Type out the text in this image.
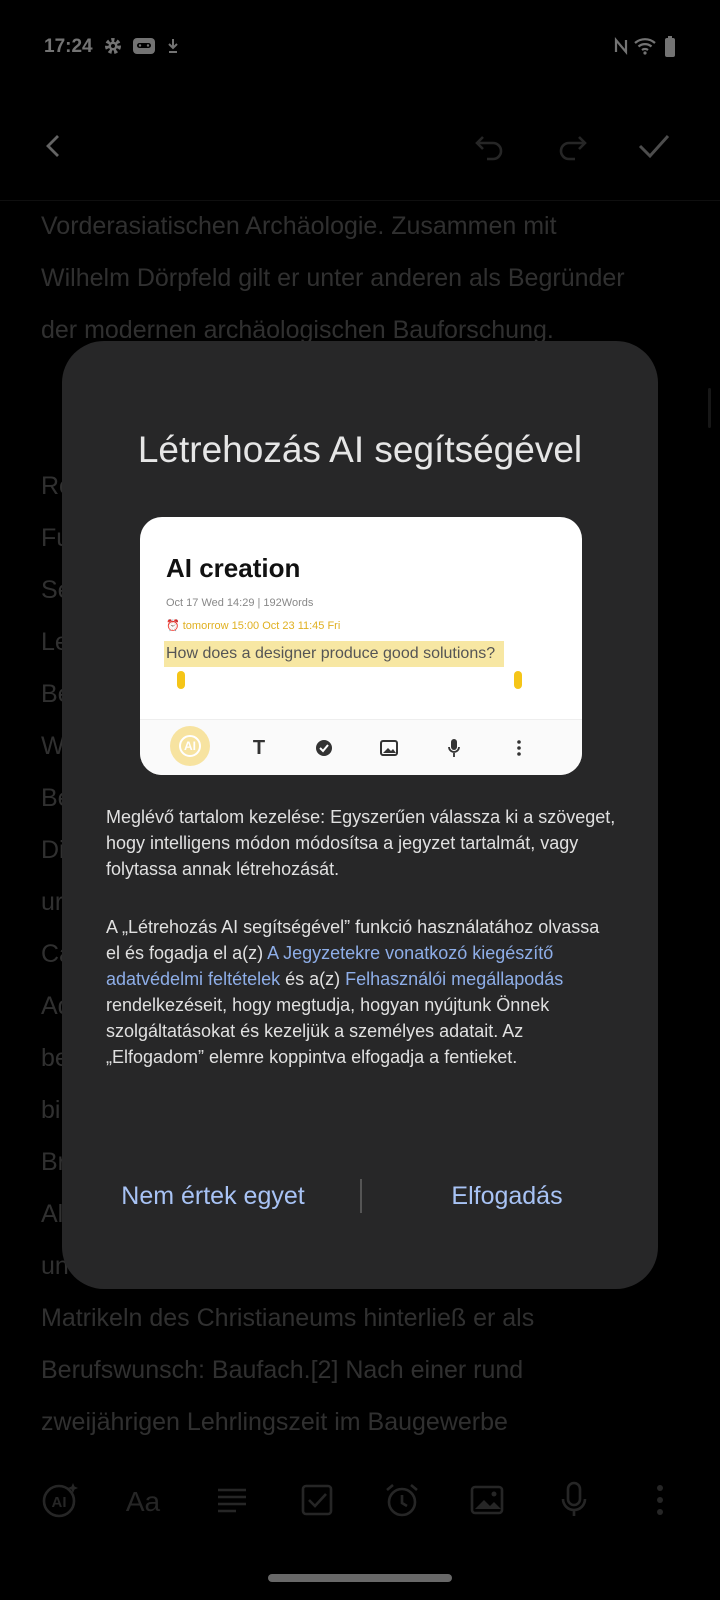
Létrehozás AI segítségével
AI creation
Oct 17 Wed 14:29 | 192Words
⏰ tomorrow 15:00 Oct 23 11:45 Fri
How does a designer produce good solutions?
AI	T
Meglévő tartalom kezelése: Egyszerűen válassza ki a szöveget, hogy intelligens módon módosítsa a jegyzet tartalmát, vagy folytassa annak létrehozását.
A „Létrehozás AI segítségével” funkció használatához olvassa el és fogadja el a(z) A Jegyzetekre vonatkozó kiegészítő adatvédelmi feltételek és a(z) Felhasználói megállapodás rendelkezéseit, hogy megtudja, hogyan nyújtunk Önnek szolgáltatásokat és kezeljük a személyes adatait. Az „Elfogadom” elemre koppintva elfogadja a fentieket.
Nem értek egyet	Elfogadás
